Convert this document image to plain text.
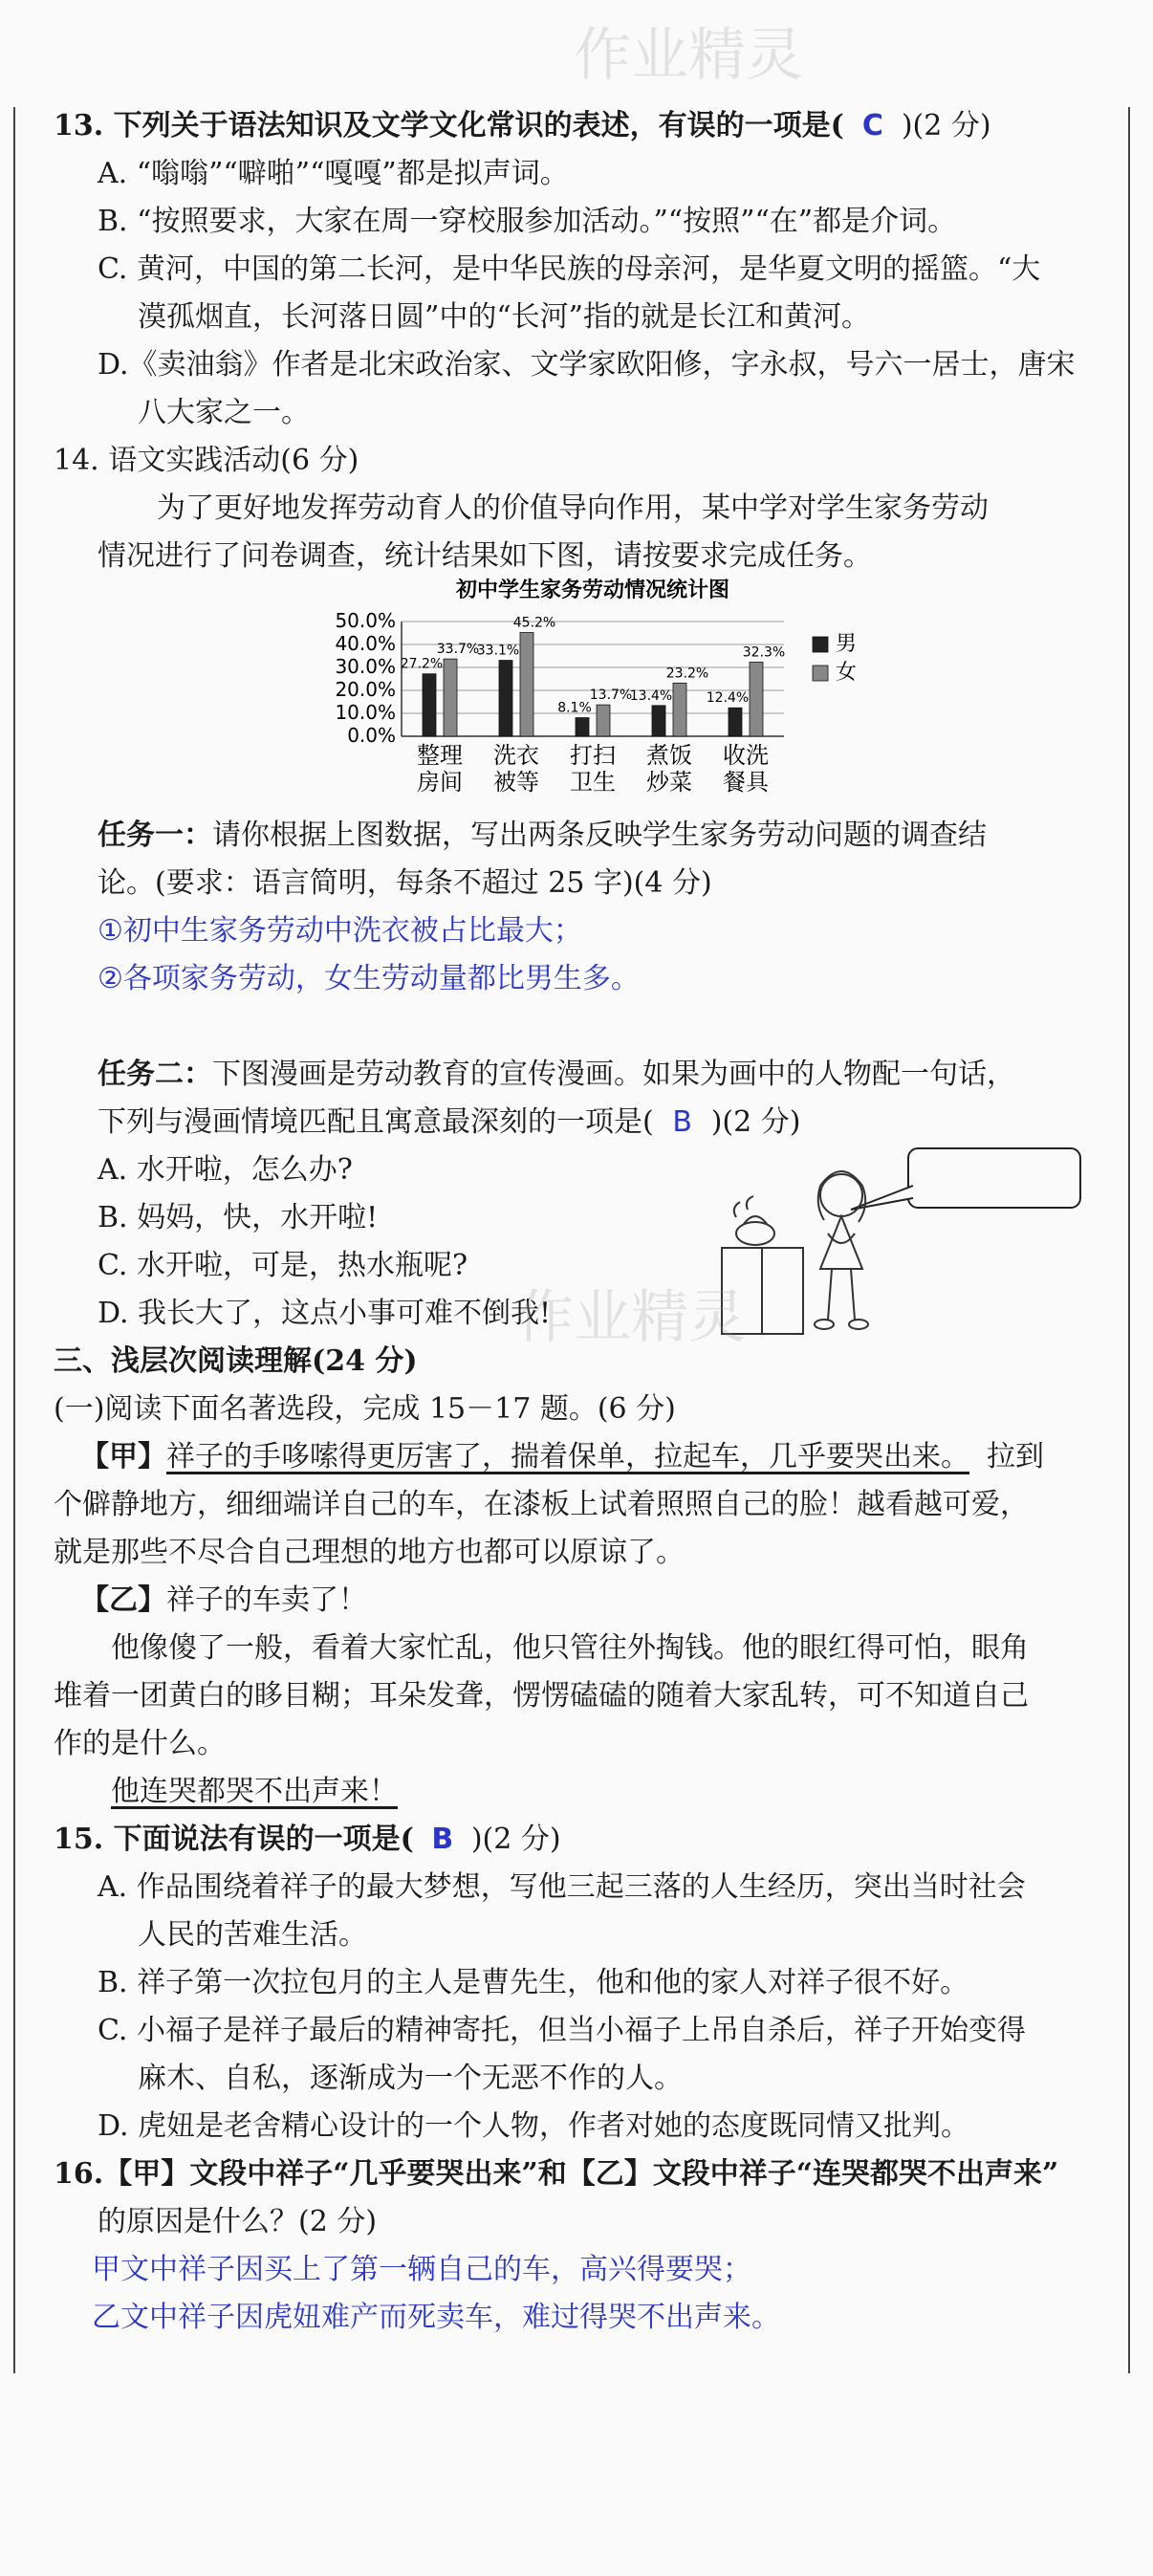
13. 下列关于语法知识及文学文化常识的表述，有误的一项是( C )(2 分)
A. “嗡嗡”“噼啪”“嘎嘎”都是拟声词。
B. “按照要求，大家在周一穿校服参加活动。”“按照”“在”都是介词。
C. 黄河，中国的第二长河，是中华民族的母亲河，是华夏文明的摇篮。“大
漠孤烟直，长河落日圆”中的“长河”指的就是长江和黄河。
D.《卖油翁》作者是北宋政治家、文学家欧阳修，字永叔，号六一居士，唐宋
八大家之一。
14. 语文实践活动(6 分)
为了更好地发挥劳动育人的价值导向作用，某中学对学生家务劳动
情况进行了问卷调查，统计结果如下图，请按要求完成任务。
初中学生家务劳动情况统计图
50.0%
40.0%
30.0%
20.0%
10.0%
0.0%
27.2%
33.7%
33.1%
45.2%
8.1%
13.7%
13.4%
23.2%
12.4%
32.3%
整理
房间
洗衣
被等
打扫
卫生
煮饭
炒菜
收洗
餐具
男
女
任务一：请你根据上图数据，写出两条反映学生家务劳动问题的调查结
论。(要求：语言简明，每条不超过 25 字)(4 分)
①初中生家务劳动中洗衣被占比最大；
②各项家务劳动，女生劳动量都比男生多。
任务二：下图漫画是劳动教育的宣传漫画。如果为画中的人物配一句话，
下列与漫画情境匹配且寓意最深刻的一项是( B )(2 分)
A. 水开啦，怎么办?
B. 妈妈，快，水开啦!
C. 水开啦，可是，热水瓶呢?
D. 我长大了，这点小事可难不倒我!
三、浅层次阅读理解(24 分)
(一)阅读下面名著选段，完成 15－17 题。(6 分)
【甲】祥子的手哆嗦得更厉害了，揣着保单，拉起车，几乎要哭出来。 拉到
个僻静地方，细细端详自己的车，在漆板上试着照照自己的脸！越看越可爱，
就是那些不尽合自己理想的地方也都可以原谅了。
【乙】祥子的车卖了！
他像傻了一般，看着大家忙乱，他只管往外掏钱。他的眼红得可怕，眼角
堆着一团黄白的眵目糊；耳朵发聋，愣愣磕磕的随着大家乱转，可不知道自己
作的是什么。
他连哭都哭不出声来！
15. 下面说法有误的一项是( B )(2 分)
A. 作品围绕着祥子的最大梦想，写他三起三落的人生经历，突出当时社会
人民的苦难生活。
B. 祥子第一次拉包月的主人是曹先生，他和他的家人对祥子很不好。
C. 小福子是祥子最后的精神寄托，但当小福子上吊自杀后，祥子开始变得
麻木、自私，逐渐成为一个无恶不作的人。
D. 虎妞是老舍精心设计的一个人物，作者对她的态度既同情又批判。
16.【甲】文段中祥子“几乎要哭出来”和【乙】文段中祥子“连哭都哭不出声来”
的原因是什么？(2 分)
甲文中祥子因买上了第一辆自己的车，高兴得要哭；
乙文中祥子因虎妞难产而死卖车，难过得哭不出声来。
作业精灵
作业精灵
